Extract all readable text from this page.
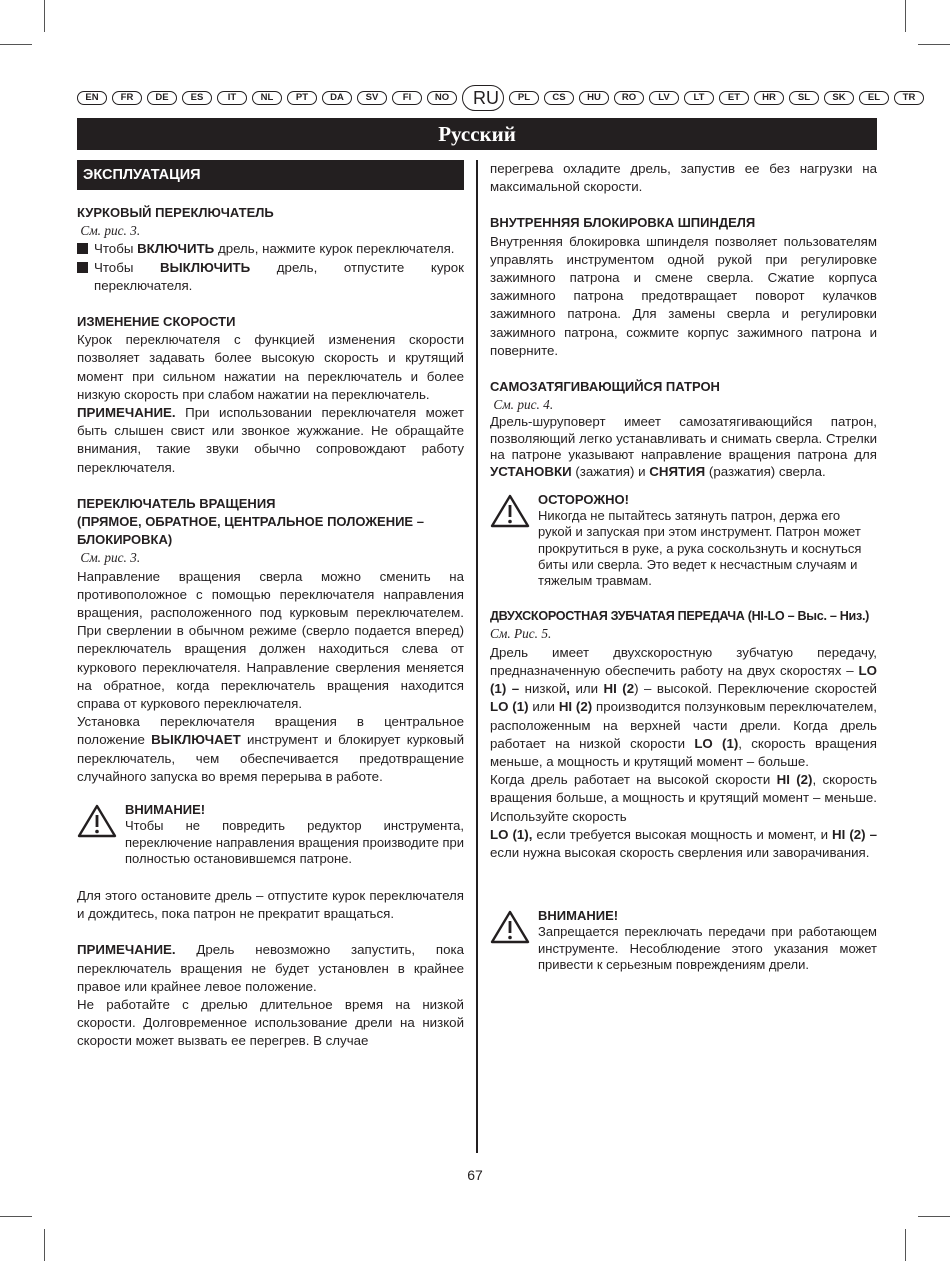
EN	FR	DE	ES	IT	NL	PT	DA	SV	FI	NO	RU	PL	CS	HU	RO	LV	LT	ET	HR	SL	SK	EL	TR
Русский
ЭКСПЛУАТАЦИЯ

КУРКОВЫЙ ПЕРЕКЛЮЧАТЕЛЬ

См. рис. 3.

Чтобы ВКЛЮЧИТЬ дрель, нажмите курок переключателя.

Чтобы ВЫКЛЮЧИТЬ дрель, отпустите курок переключателя.

ИЗМЕНЕНИЕ СКОРОСТИ

Курок переключателя с функцией изменения скорости позволяет задавать более высокую скорость и крутящий момент при сильном нажатии на переключатель и более низкую скорость при слабом нажатии на переключатель.

ПРИМЕЧАНИЕ. При использовании переключателя может быть слышен свист или звонкое жужжание. Не обращайте внимания, такие звуки обычно сопровождают работу переключателя.

ПЕРЕКЛЮЧАТЕЛЬ ВРАЩЕНИЯ
(ПРЯМОЕ, ОБРАТНОЕ, ЦЕНТРАЛЬНОЕ ПОЛОЖЕНИЕ –
БЛОКИРОВКА)

См. рис. 3.

Направление вращения сверла можно сменить на противоположное с помощью переключателя направления вращения, расположенного под курковым переключателем. При сверлении в обычном режиме (сверло подается вперед) переключатель вращения должен находиться слева от куркового переключателя. Направление сверления меняется на обратное, когда переключатель вращения находится справа от куркового переключателя.

Установка переключателя вращения в центральное положение ВЫКЛЮЧАЕТ инструмент и блокирует курковый переключатель, чем обеспечивается предотвращение случайного запуска во время перерыва в работе.

ВНИМАНИЕ!

Чтобы не повредить редуктор инструмента, переключение направления вращения производите при полностью остановившемся патроне.

Для этого остановите дрель – отпустите курок переключателя и дождитесь, пока патрон не прекратит вращаться.

ПРИМЕЧАНИЕ. Дрель невозможно запустить, пока переключатель вращения не будет установлен в крайнее правое или крайнее левое положение.

Не работайте с дрелью длительное время на низкой скорости. Долговременное использование дрели на низкой скорости может вызвать ее перегрев. В случае

перегрева охладите дрель, запустив ее без нагрузки на максимальной скорости.

ВНУТРЕННЯЯ БЛОКИРОВКА ШПИНДЕЛЯ

Внутренняя блокировка шпинделя позволяет пользователям управлять инструментом одной рукой при регулировке зажимного патрона и смене сверла. Сжатие корпуса зажимного патрона предотвращает поворот кулачков зажимного патрона. Для замены сверла и регулировки зажимного патрона, сожмите корпус зажимного патрона и поверните.

САМОЗАТЯГИВАЮЩИЙСЯ ПАТРОН

См. рис. 4.

Дрель-шуруповерт имеет самозатягивающийся патрон, позволяющий легко устанавливать и снимать сверла. Стрелки на патроне указывают направление вращения патрона для УСТАНОВКИ (зажатия) и СНЯТИЯ (разжатия) сверла.

ОСТОРОЖНО!

Никогда не пытайтесь затянуть патрон, держа его рукой и запуская при этом инструмент. Патрон может прокрутиться в руке, а рука соскользнуть и коснуться биты или сверла. Это ведет к несчастным случаям и тяжелым травмам.

ДВУХСКОРОСТНАЯ ЗУБЧАТАЯ ПЕРЕДАЧА (HI-LO – Выс. – Низ.)

См. Рис. 5.

Дрель имеет двухскоростную зубчатую передачу, предназначенную обеспечить работу на двух скоростях – LO (1) – низкой, или HI (2) – высокой. Переключение скоростей LO (1) или HI (2) производится ползунковым переключателем, расположенным на верхней части дрели. Когда дрель работает на низкой скорости LO (1), скорость вращения меньше, а мощность и крутящий момент – больше.

Когда дрель работает на высокой скорости HI (2), скорость вращения больше, а мощность и крутящий момент – меньше. Используйте скорость

LO (1), если требуется высокая мощность и момент, и HI (2) – если нужна высокая скорость сверления или заворачивания.

ВНИМАНИЕ!

Запрещается переключать передачи при работающем инструменте. Несоблюдение этого указания может привести к серьезным повреждениям дрели.

67
